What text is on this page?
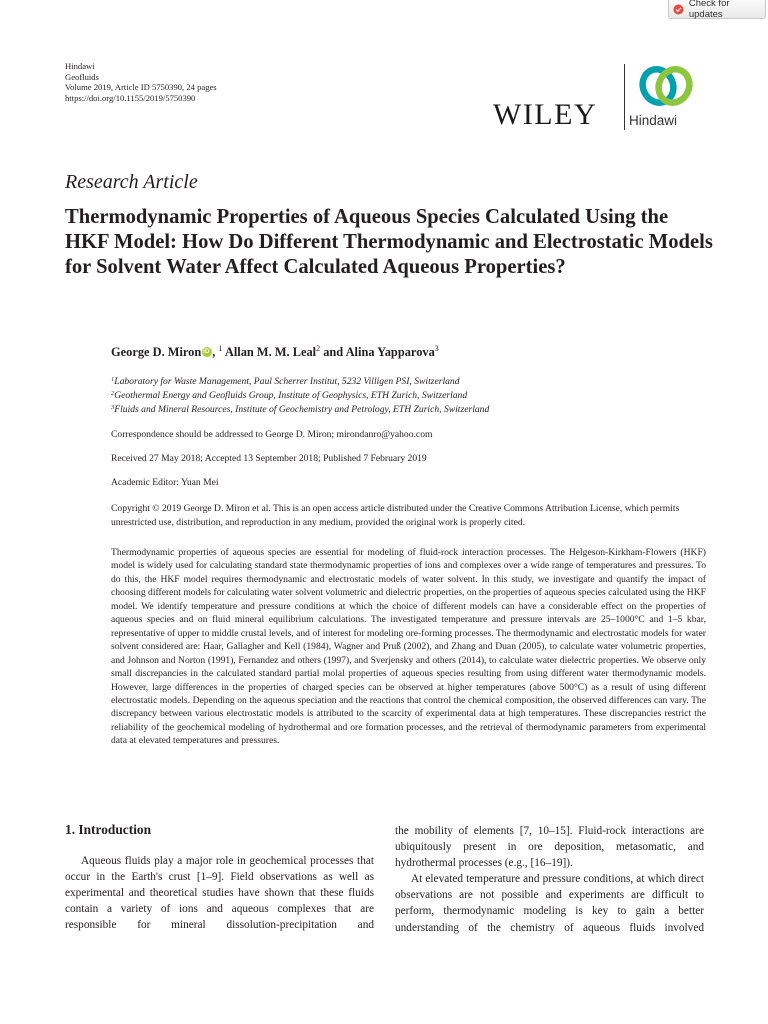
Check for updates
Hindawi
Geofluids
Volume 2019, Article ID 5750390, 24 pages
https://doi.org/10.1155/2019/5750390
WILEY Hindawi
Research Article
Thermodynamic Properties of Aqueous Species Calculated Using the HKF Model: How Do Different Thermodynamic and Electrostatic Models for Solvent Water Affect Calculated Aqueous Properties?
George D. MironiD , $^1$ Allan M. M. Leal$^2$ and Alina Yapparova$^3$
$^1$Laboratory for Waste Management, Paul Scherrer Institut, 5232 Villigen PSI, Switzerland
$^2$Geothermal Energy and Geofluids Group, Institute of Geophysics, ETH Zurich, Switzerland
$^3$Fluids and Mineral Resources, Institute of Geochemistry and Petrology, ETH Zurich, Switzerland
Correspondence should be addressed to George D. Miron; mirondanro@yahoo.com
Received 27 May 2018; Accepted 13 September 2018; Published 7 February 2019
Academic Editor: Yuan Mei
Copyright © 2019 George D. Miron et al. This is an open access article distributed under the Creative Commons Attribution License, which permits unrestricted use, distribution, and reproduction in any medium, provided the original work is properly cited.
Thermodynamic properties of aqueous species are essential for modeling of fluid-rock interaction processes. The Helgeson-Kirkham-Flowers (HKF) model is widely used for calculating standard state thermodynamic properties of ions and complexes over a wide range of temperatures and pressures. To do this, the HKF model requires thermodynamic and electrostatic models of water solvent. In this study, we investigate and quantify the impact of choosing different models for calculating water solvent volumetric and dielectric properties, on the properties of aqueous species calculated using the HKF model. We identify temperature and pressure conditions at which the choice of different models can have a considerable effect on the properties of aqueous species and on fluid mineral equilibrium calculations. The investigated temperature and pressure intervals are 25–1000°C and 1–5 kbar, representative of upper to middle crustal levels, and of interest for modeling ore-forming processes. The thermodynamic and electrostatic models for water solvent considered are: Haar, Gallagher and Kell (1984), Wagner and Pruß (2002), and Zhang and Duan (2005), to calculate water volumetric properties, and Johnson and Norton (1991), Fernandez and others (1997), and Sverjensky and others (2014), to calculate water dielectric properties. We observe only small discrepancies in the calculated standard partial molal properties of aqueous species resulting from using different water thermodynamic models. However, large differences in the properties of charged species can be observed at higher temperatures (above 500°C) as a result of using different electrostatic models. Depending on the aqueous speciation and the reactions that control the chemical composition, the observed differences can vary. The discrepancy between various electrostatic models is attributed to the scarcity of experimental data at high temperatures. These discrepancies restrict the reliability of the geochemical modeling of hydrothermal and ore formation processes, and the retrieval of thermodynamic parameters from experimental data at elevated temperatures and pressures.
1. Introduction
Aqueous fluids play a major role in geochemical processes that occur in the Earth's crust [1–9]. Field observations as well as experimental and theoretical studies have shown that these fluids contain a variety of ions and aqueous complexes that are responsible for mineral dissolution-precipitation and
the mobility of elements [7, 10–15]. Fluid-rock interactions are ubiquitously present in ore deposition, metasomatic, and hydrothermal processes (e.g., [16–19]).
At elevated temperature and pressure conditions, at which direct observations are not possible and experiments are difficult to perform, thermodynamic modeling is key to gain a better understanding of the chemistry of aqueous fluids involved
